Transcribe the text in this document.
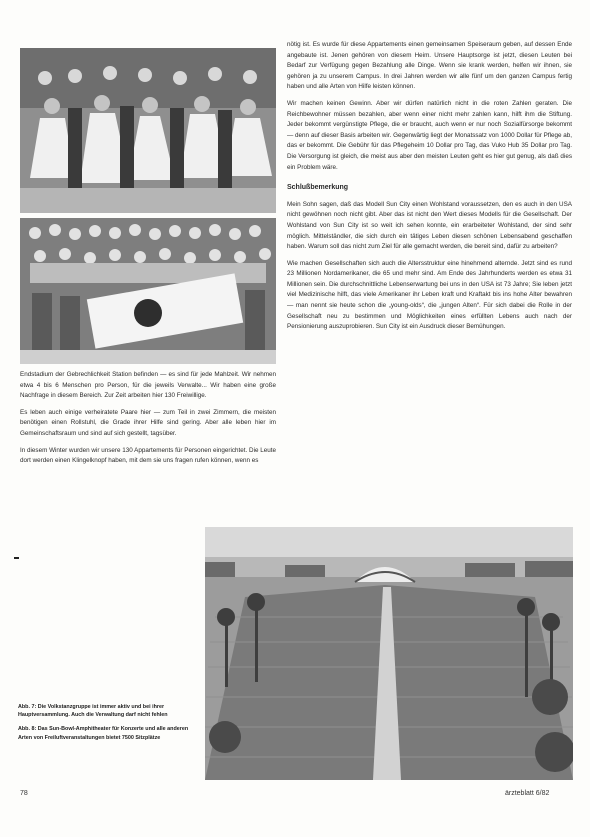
Endstadium der Gebrechlichkeit Station befinden — es sind für jede Mahlzeit. Wir nehmen etwa 4 bis 6 Menschen pro Person, für die jeweils Verwalte... Wir haben eine große Nachfrage in diesem Bereich. Zur Zeit arbeiten hier 130 Freiwillige.

Es leben auch einige verheiratete Paare hier — zum Teil in zwei Zimmern, die meisten benötigen einen Rollstuhl, die Grade ihrer Hilfe sind gering. Aber alle leben hier im Gemeinschaftsraum und sind auf sich gestellt, tagsüber.

In diesem Winter wurden wir unsere 130 Appartements für Personen eingerichtet. Die Leute dort werden einen Klingelknopf haben, mit dem sie uns fragen rufen können, wenn es

nötig ist. Es wurde für diese Appartements einen gemeinsamen Speiseraum geben, auf dessen Ende angebaute ist. Jenen gehören von diesem Heim. Unsere Hauptsorge ist jetzt, diesen Leuten bei Bedarf zur Verfügung gegen Bezahlung alle Dinge. Wenn sie krank werden, helfen wir ihnen, sie gehören ja zu unserem Campus. In drei Jahren werden wir alle fünf um den ganzen Campus fertig haben und alle Arten von Hilfe leisten können.

Wir machen keinen Gewinn. Aber wir dürfen natürlich nicht in die roten Zahlen geraten. Die Reichbewohner müssen bezahlen, aber wenn einer nicht mehr zahlen kann, hilft ihm die Stiftung. Jeder bekommt vergünstigte Pflege, die er braucht, auch wenn er nur noch Sozialfürsorge bekommt — denn auf dieser Basis arbeiten wir. Gegenwärtig liegt der Monatssatz von 1000 Dollar für Pflege ab, das er bekommt. Die Gebühr für das Pflegeheim 10 Dollar pro Tag, das Vuko Hub 35 Dollar pro Tag. Die Versorgung ist gleich, die meist aus aber den meisten Leuten geht es hier gut genug, als daß dies ein Problem wäre.

Schlußbemerkung

Mein Sohn sagen, daß das Modell Sun City einen Wohlstand voraussetzen, den es auch in den USA nicht gewöhnen noch nicht gibt. Aber das ist nicht den Wert dieses Modells für die Gesellschaft. Der Wohlstand von Sun City ist so weit ich sehen konnte, ein erarbeiteter Wohlstand, der sind sehr möglich. Mittelständler, die sich durch ein tätiges Leben diesen schönen Lebensabend geschaffen haben. Warum soll das nicht zum Ziel für alle gemacht werden, die bereit sind, dafür zu arbeiten?

Wie machen Gesellschaften sich auch die Altersstruktur eine hinehmend alternde. Jetzt sind es rund 23 Millionen Nordamerikaner, die 65 und mehr sind. Am Ende des Jahrhunderts werden es etwa 31 Millionen sein. Die durchschnittliche Lebenserwartung bei uns in den USA ist 73 Jahre; Sie leben jetzt viel Medizinische hilft, das viele Amerikaner ihr Leben kraft und Kraftakt bis ins hohe Alter bewahren — man nennt sie heute schon die „young-olds“, die „jungen Alten“. Für sich dabei die Rolle in der Gesellschaft neu zu bestimmen und Möglichkeiten eines erfüllten Lebens auch nach der Pensionierung auszuprobieren. Sun City ist ein Ausdruck dieser Bemühungen.

Abb. 7: Die Volkstanzgruppe ist immer aktiv und bei ihrer Hauptversammlung. Auch die Verwaltung darf nicht fehlen

Abb. 8: Das Sun-Bowl-Amphitheater für Konzerte und alle anderen Arten von Freiluftveranstaltungen bietet 7500 Sitzplätze

78	ärzteblatt 6/82
